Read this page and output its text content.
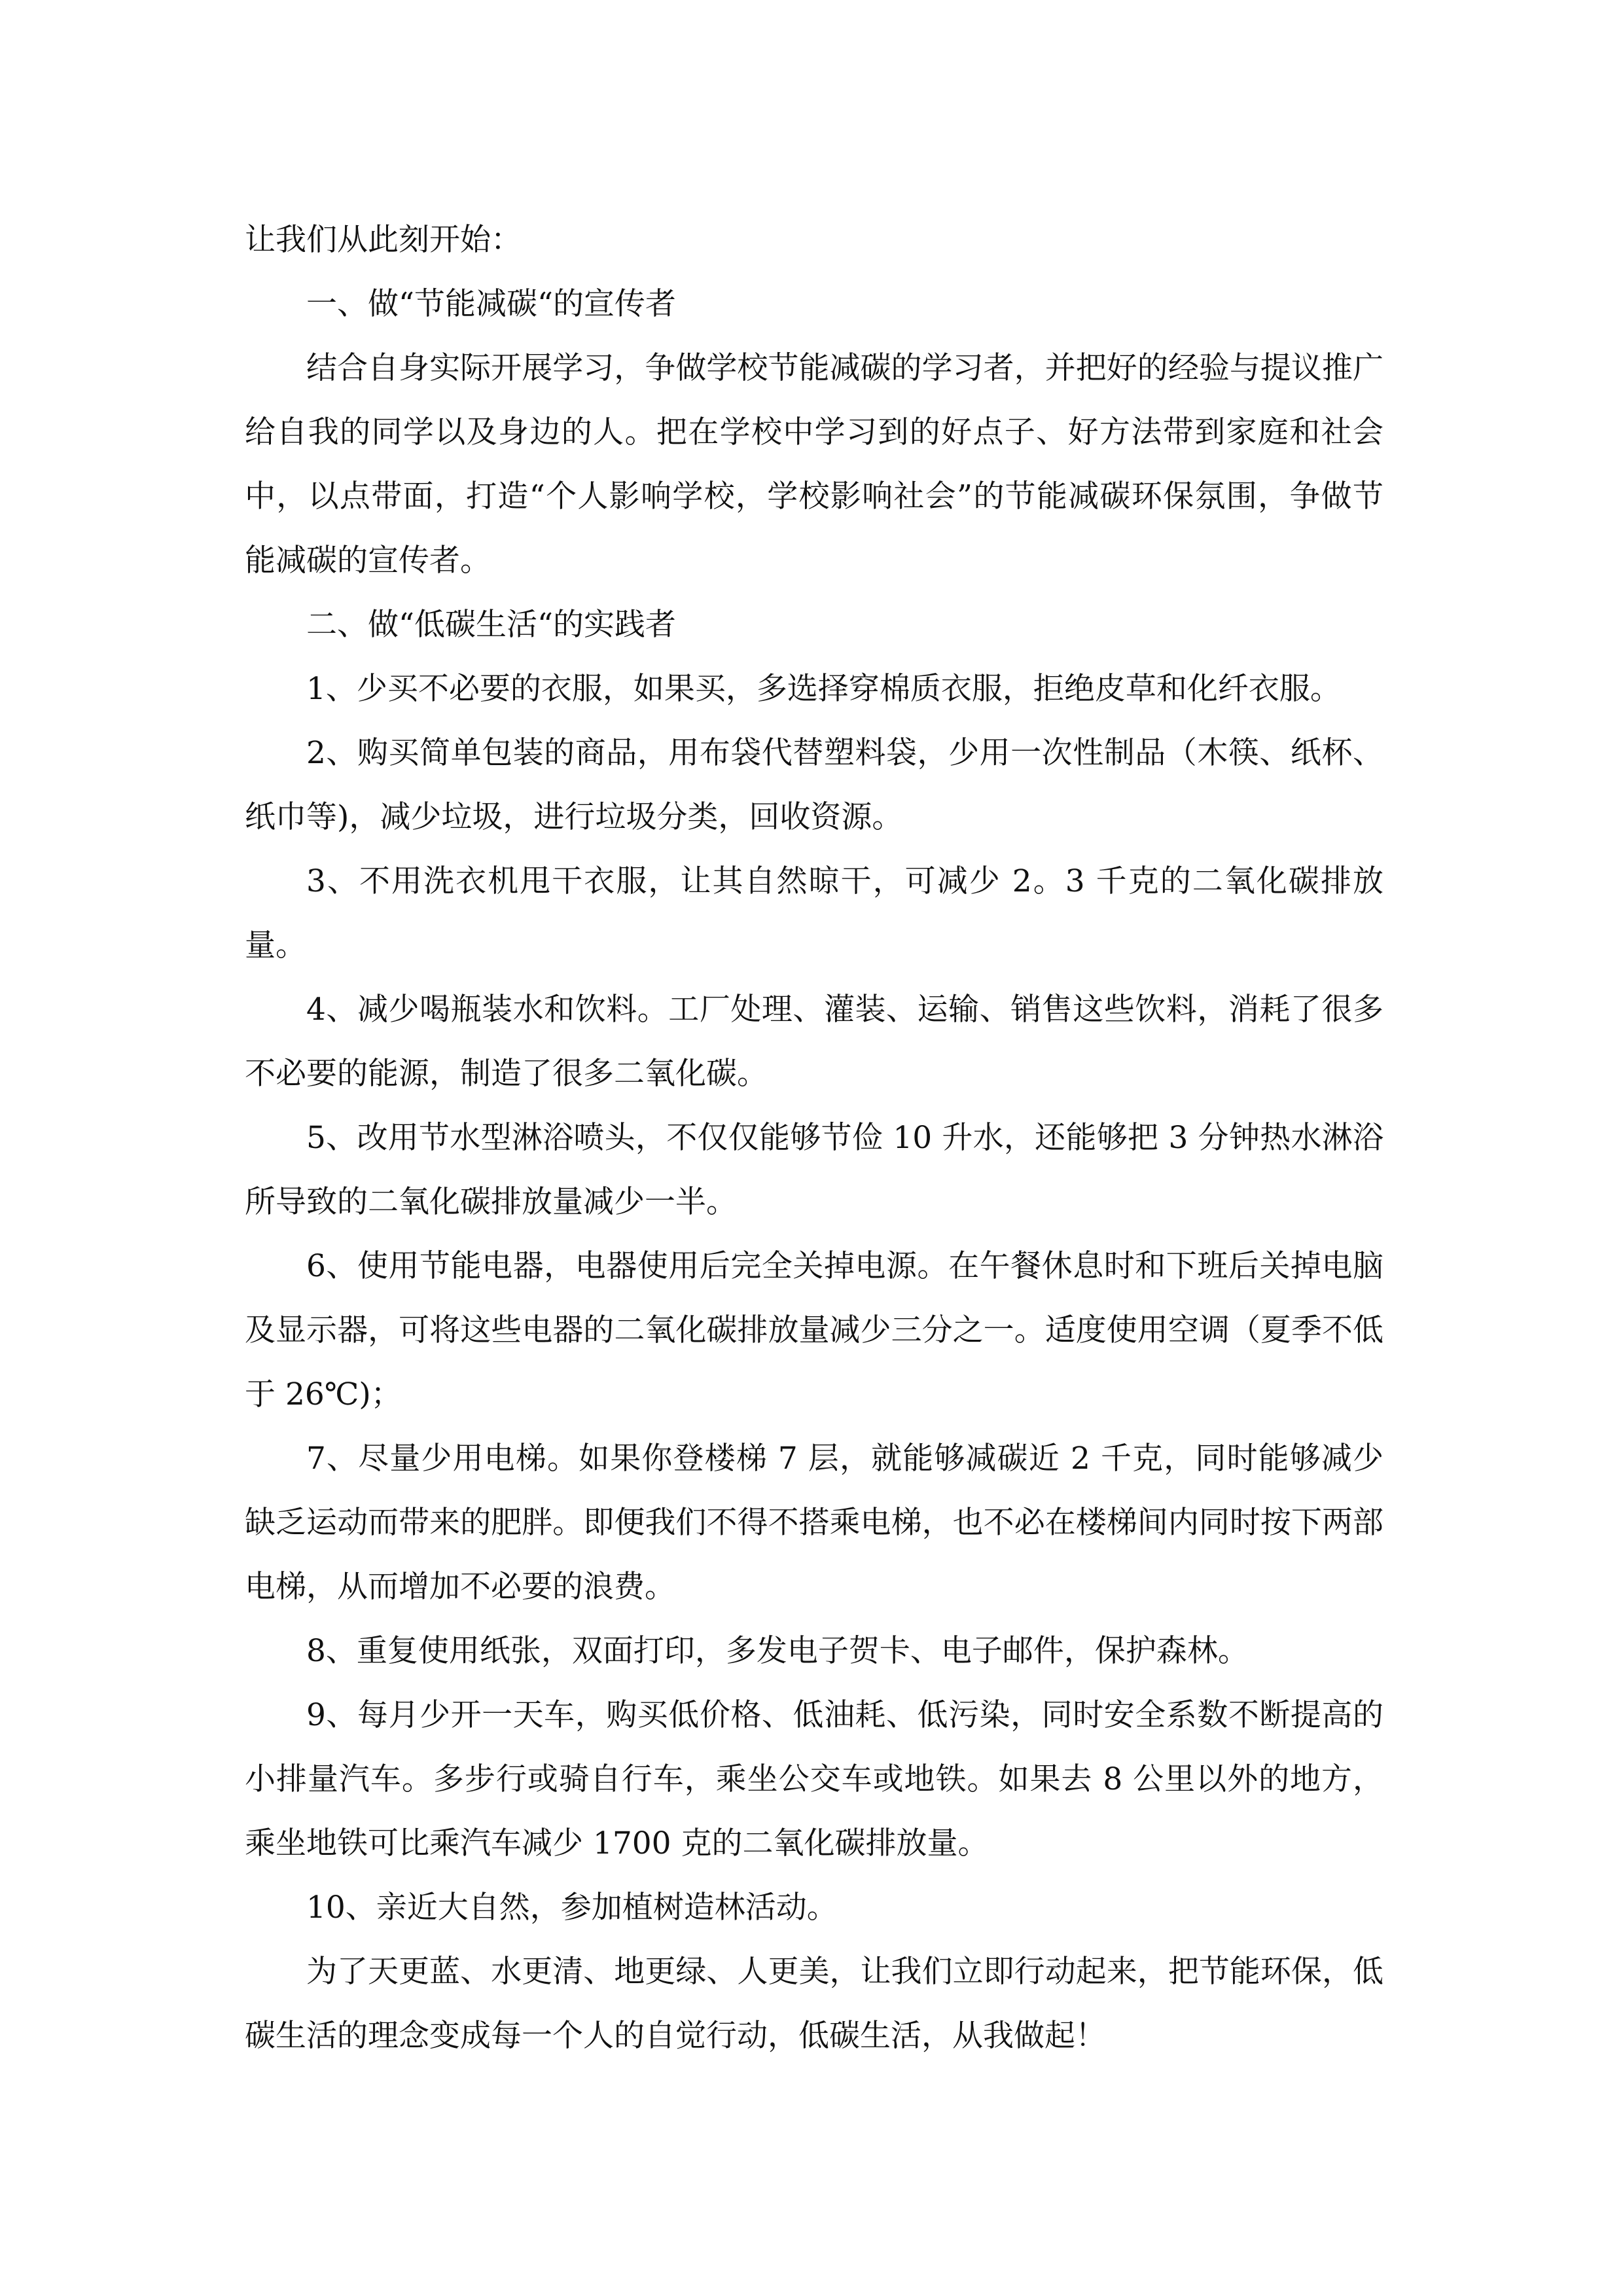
让我们从此刻开始：

一、做“节能减碳“的宣传者

结合自身实际开展学习，争做学校节能减碳的学习者，并把好的经验与提议推广给自我的同学以及身边的人。把在学校中学习到的好点子、好方法带到家庭和社会中，以点带面，打造“个人影响学校，学校影响社会”的节能减碳环保氛围，争做节能减碳的宣传者。

二、做“低碳生活“的实践者

1、少买不必要的衣服，如果买，多选择穿棉质衣服，拒绝皮草和化纤衣服。

2、购买简单包装的商品，用布袋代替塑料袋，少用一次性制品（木筷、纸杯、纸巾等)，减少垃圾，进行垃圾分类，回收资源。

3、不用洗衣机甩干衣服，让其自然晾干，可减少 2。3 千克的二氧化碳排放量。

4、减少喝瓶装水和饮料。工厂处理、灌装、运输、销售这些饮料，消耗了很多不必要的能源，制造了很多二氧化碳。

5、改用节水型淋浴喷头，不仅仅能够节俭 10 升水，还能够把 3 分钟热水淋浴所导致的二氧化碳排放量减少一半。

6、使用节能电器，电器使用后完全关掉电源。在午餐休息时和下班后关掉电脑及显示器，可将这些电器的二氧化碳排放量减少三分之一。适度使用空调（夏季不低于 26℃)；

7、尽量少用电梯。如果你登楼梯 7 层，就能够减碳近 2 千克，同时能够减少缺乏运动而带来的肥胖。即便我们不得不搭乘电梯，也不必在楼梯间内同时按下两部电梯，从而增加不必要的浪费。

8、重复使用纸张，双面打印，多发电子贺卡、电子邮件，保护森林。

9、每月少开一天车，购买低价格、低油耗、低污染，同时安全系数不断提高的小排量汽车。多步行或骑自行车，乘坐公交车或地铁。如果去 8 公里以外的地方，乘坐地铁可比乘汽车减少 1700 克的二氧化碳排放量。

10、亲近大自然，参加植树造林活动。

为了天更蓝、水更清、地更绿、人更美，让我们立即行动起来，把节能环保，低碳生活的理念变成每一个人的自觉行动，低碳生活，从我做起！
